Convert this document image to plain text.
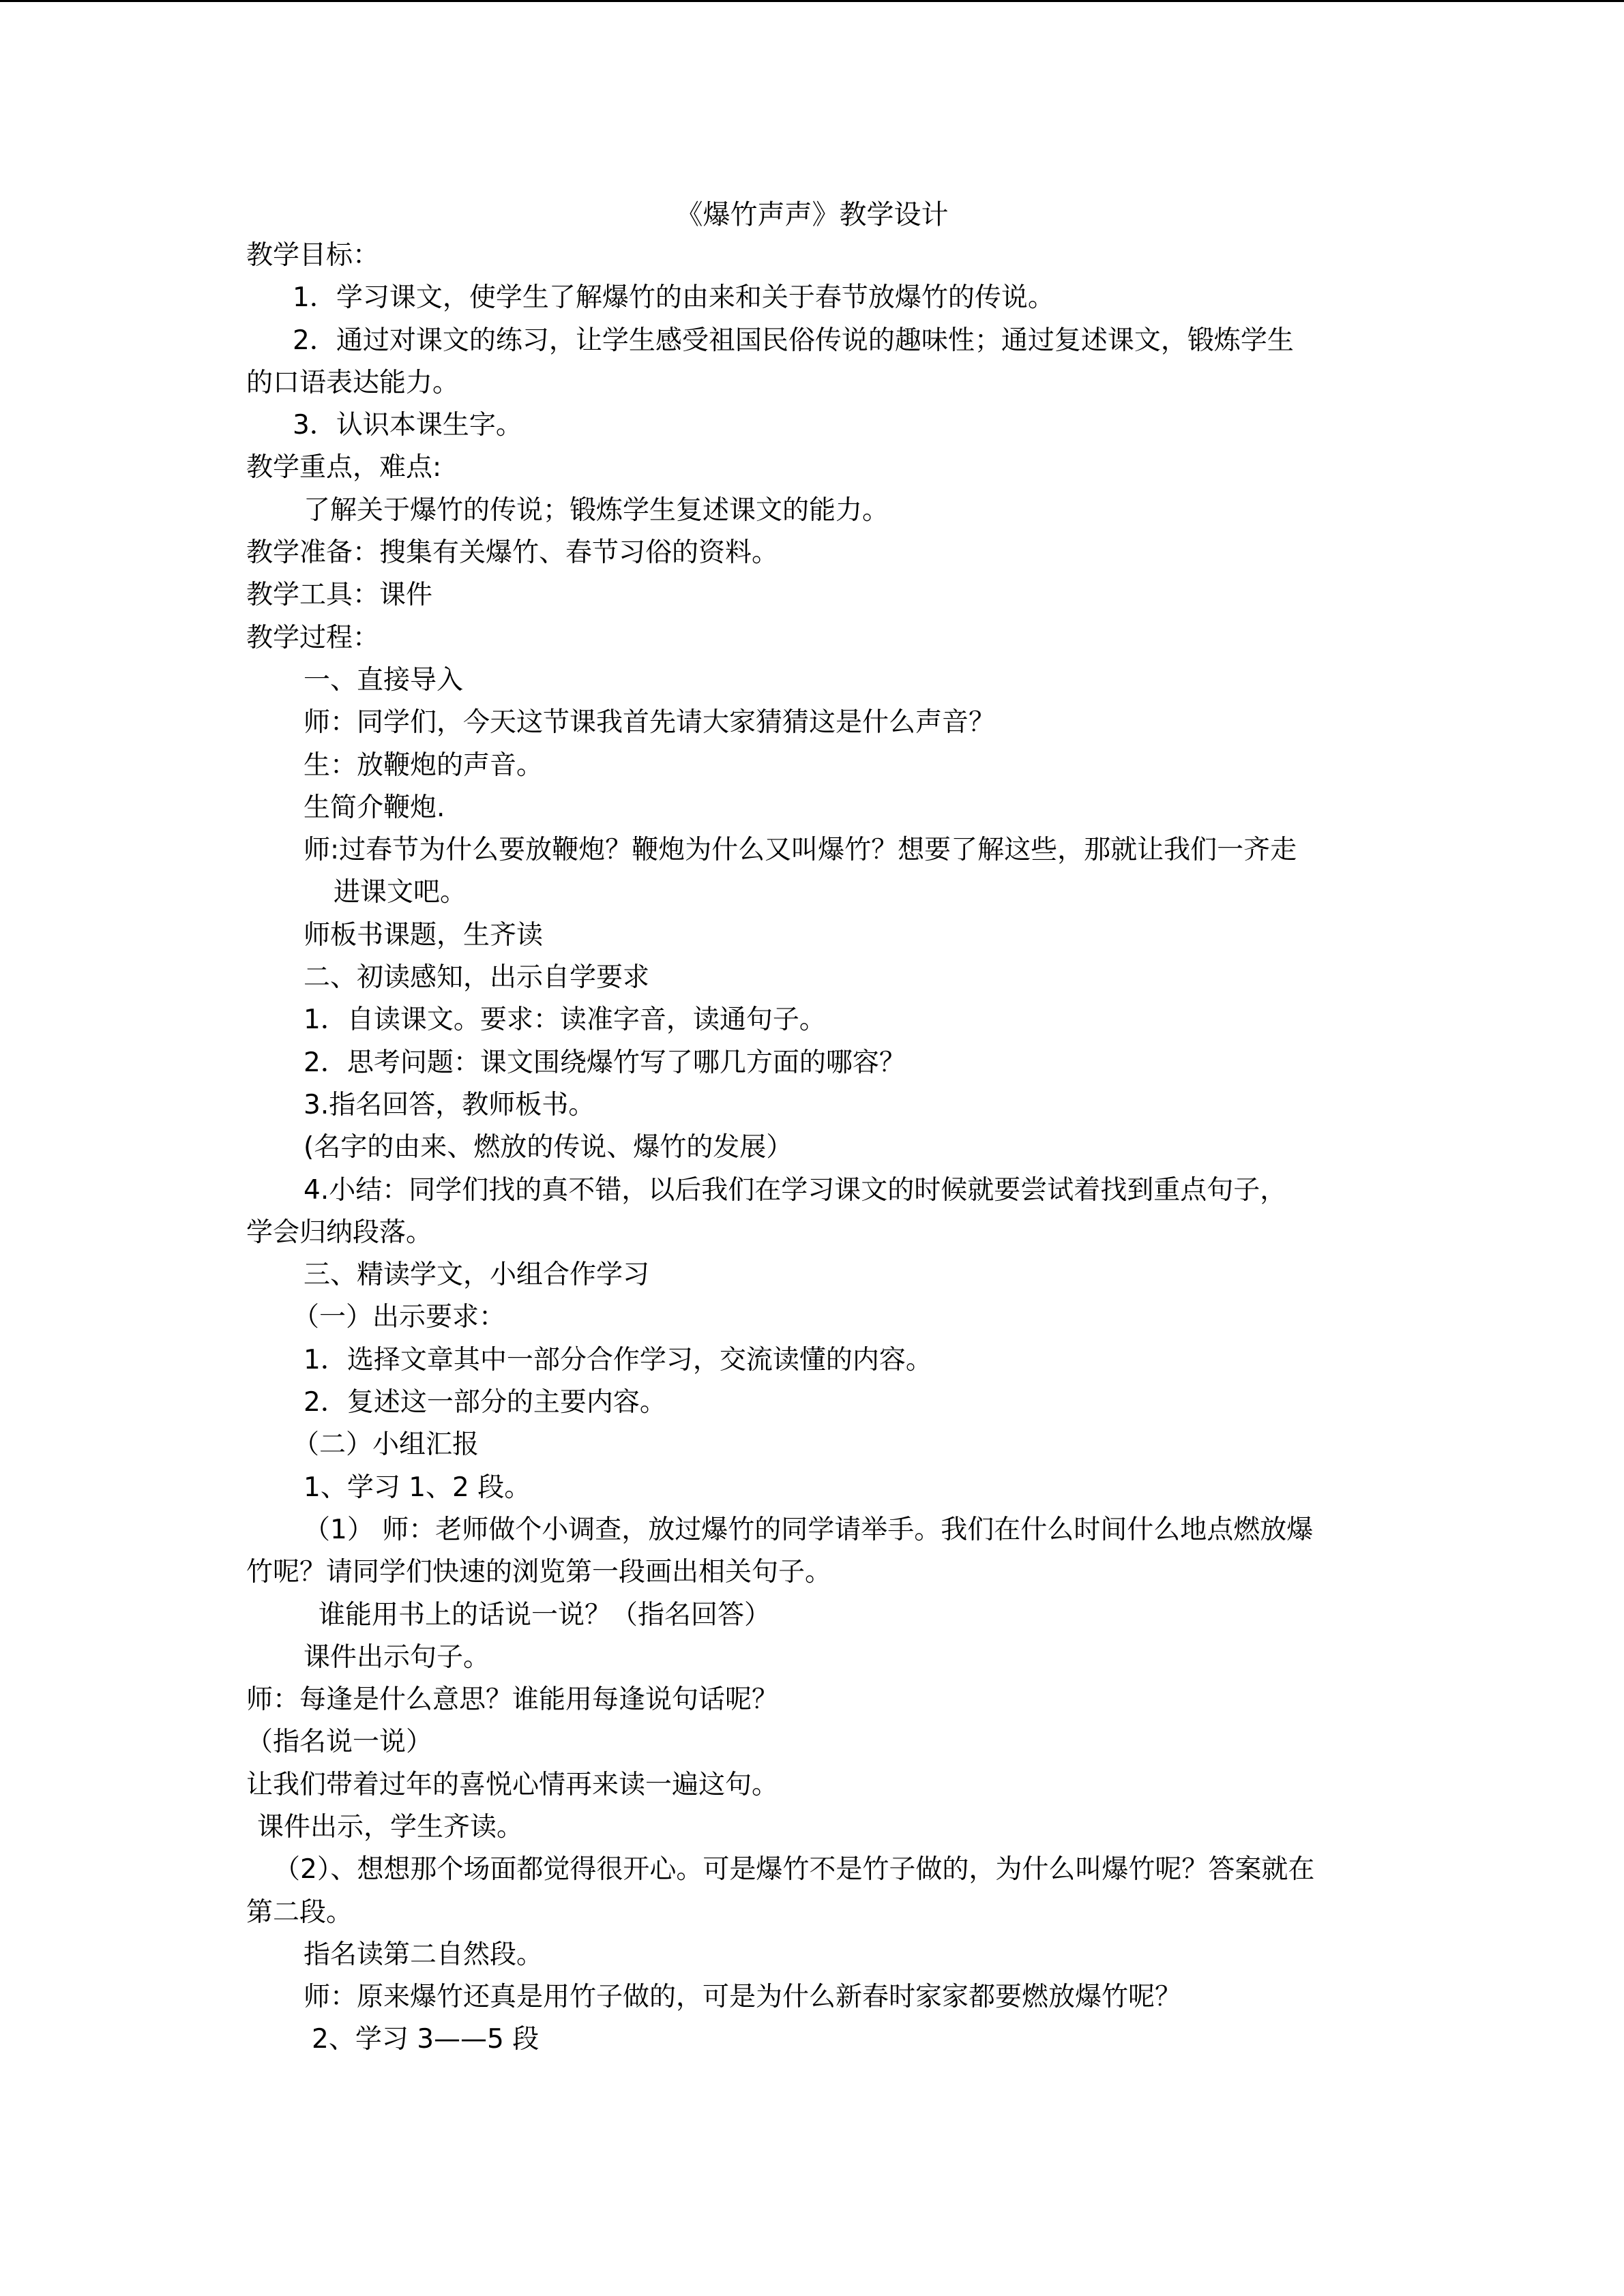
《爆竹声声》教学设计
教学目标：
1．学习课文，使学生了解爆竹的由来和关于春节放爆竹的传说。
2．通过对课文的练习，让学生感受祖国民俗传说的趣味性；通过复述课文，锻炼学生
的口语表达能力。
3．认识本课生字。
教学重点，难点:
了解关于爆竹的传说；锻炼学生复述课文的能力。
教学准备：搜集有关爆竹、春节习俗的资料。
教学工具：课件
教学过程：
一、直接导入
师：同学们，今天这节课我首先请大家猜猜这是什么声音？
生：放鞭炮的声音。
生简介鞭炮.
师:过春节为什么要放鞭炮？鞭炮为什么又叫爆竹？想要了解这些，那就让我们一齐走
进课文吧。
师板书课题，生齐读
二、初读感知，出示自学要求
1．自读课文。要求：读准字音，读通句子。
2．思考问题：课文围绕爆竹写了哪几方面的哪容？
3.指名回答，教师板书。
(名字的由来、燃放的传说、爆竹的发展）
4.小结：同学们找的真不错，以后我们在学习课文的时候就要尝试着找到重点句子，
学会归纳段落。
三、精读学文，小组合作学习
（一）出示要求：
1．选择文章其中一部分合作学习，交流读懂的内容。
2．复述这一部分的主要内容。
（二）小组汇报
1、学习 1、2 段。
（1） 师：老师做个小调查，放过爆竹的同学请举手。我们在什么时间什么地点燃放爆
竹呢？请同学们快速的浏览第一段画出相关句子。
谁能用书上的话说一说？（指名回答）
课件出示句子。
师：每逢是什么意思？谁能用每逢说句话呢？
（指名说一说）
让我们带着过年的喜悦心情再来读一遍这句。
课件出示，学生齐读。
（2）、想想那个场面都觉得很开心。可是爆竹不是竹子做的，为什么叫爆竹呢？答案就在
第二段。
指名读第二自然段。
师：原来爆竹还真是用竹子做的，可是为什么新春时家家都要燃放爆竹呢？
2、学习 3——5 段
